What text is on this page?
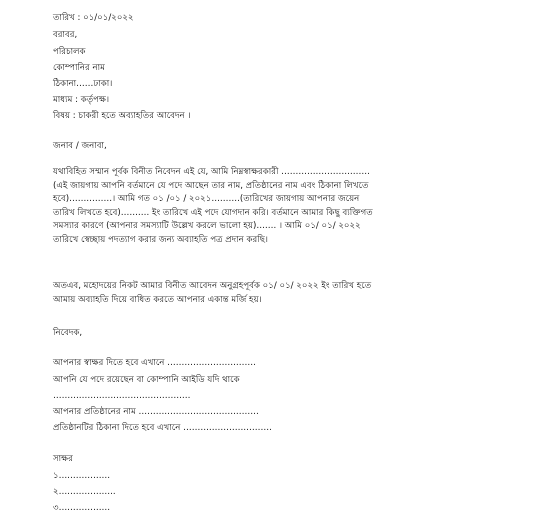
তারিখ : ০১/০১/২০২২
বরাবর,
পরিচালক
কোম্পানির নাম
ঠিকানা……ঢাকা।
মাধ্যম : কর্তৃপক্ষ।
বিষয় : চাকরী হতে অব্যাহতির আবেদন ।
জনাব / জনাবা,

যথাবিহিত সম্মান পূর্বক বিনীত নিবেদন এই যে, আমি নিম্নস্বাক্ষরকারী ………………………….

(এই জায়গায় আপনি বর্তমানে যে পদে আছেন তার নাম, প্রতিষ্ঠানের নাম এবং ঠিকানা লিখতে

হবে)……………। আমি গত ০১ /০১ / ২০২১……….(তারিখের জায়গায় আপনার জয়েন

তারিখ লিখতে হবে)………. ইং তারিখে এই পদে যোগদান করি। বর্তমানে আমার কিছু ব্যক্তিগত

সমস্যার কারণে (আপনার সমস্যাটি উল্লেখ করলে ভালো হয়)……. । আমি ০১/ ০১/ ২০২২

তারিখে স্বেচ্ছায় পদত্যাগ করার জন্য অব্যাহতি পত্র প্রদান করছি।

অতএব, মহোদয়ের নিকট আমার বিনীত আবেদন অনুগ্রহপূর্বক ০১/ ০১/ ২০২২ ইং তারিখ হতে

আমায় অব্যাহতি দিয়ে বাধিত করতে আপনার একান্ত মর্জি হয়।

নিবেদক,
আপনার স্বাক্ষর দিতে হবে এখানে ………………………….
আপনি যে পদে রয়েছেন বা কোম্পানি আইডি যদি থাকে
…………………………………………
আপনার প্রতিষ্ঠানের নাম ……………………………………
প্রতিষ্ঠানটির ঠিকানা দিতে হবে এখানে ………………………….
সাক্ষর
১………………
২………………..
৩………………
